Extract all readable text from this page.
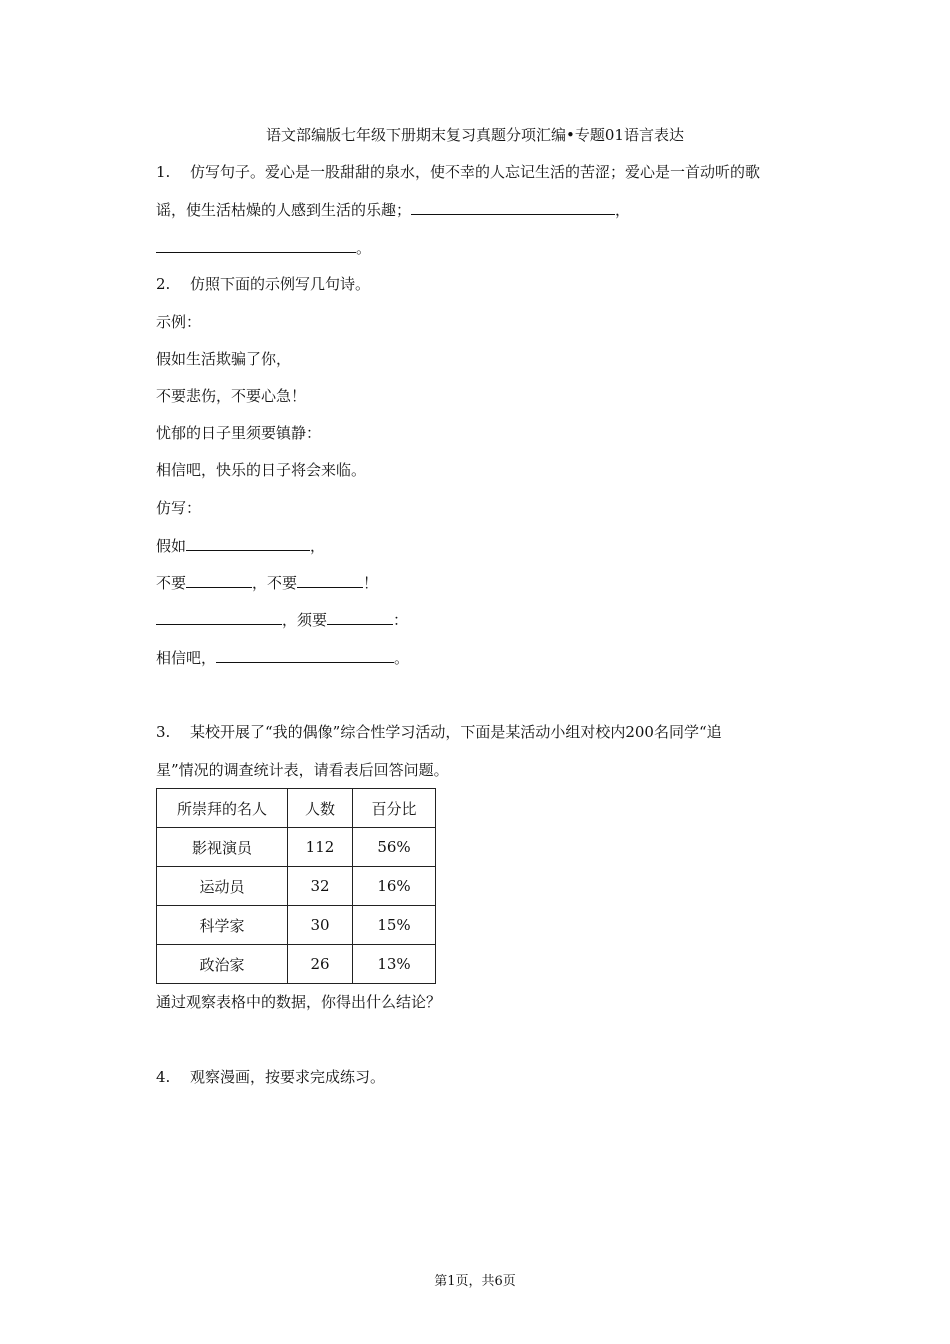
语文部编版七年级下册期末复习真题分项汇编•专题01语言表达
1. 仿写句子。爱心是一股甜甜的泉水，使不幸的人忘记生活的苦涩；爱心是一首动听的歌
谣，使生活枯燥的人感到生活的乐趣；	，
。
2. 仿照下面的示例写几句诗。
示例：
假如生活欺骗了你，
不要悲伤，不要心急！
忧郁的日子里须要镇静：
相信吧，快乐的日子将会来临。
仿写：
假如	，
不要	，不要	！
，须要	：
相信吧，	。
3. 某校开展了“我的偶像”综合性学习活动，下面是某活动小组对校内200名同学“追
星”情况的调查统计表，请看表后回答问题。
所崇拜的名人	人数	百分比
影视演员	112	56%
运动员	32	16%
科学家	30	15%
政治家	26	13%
通过观察表格中的数据，你得出什么结论？
4. 观察漫画，按要求完成练习。
第1页，共6页
